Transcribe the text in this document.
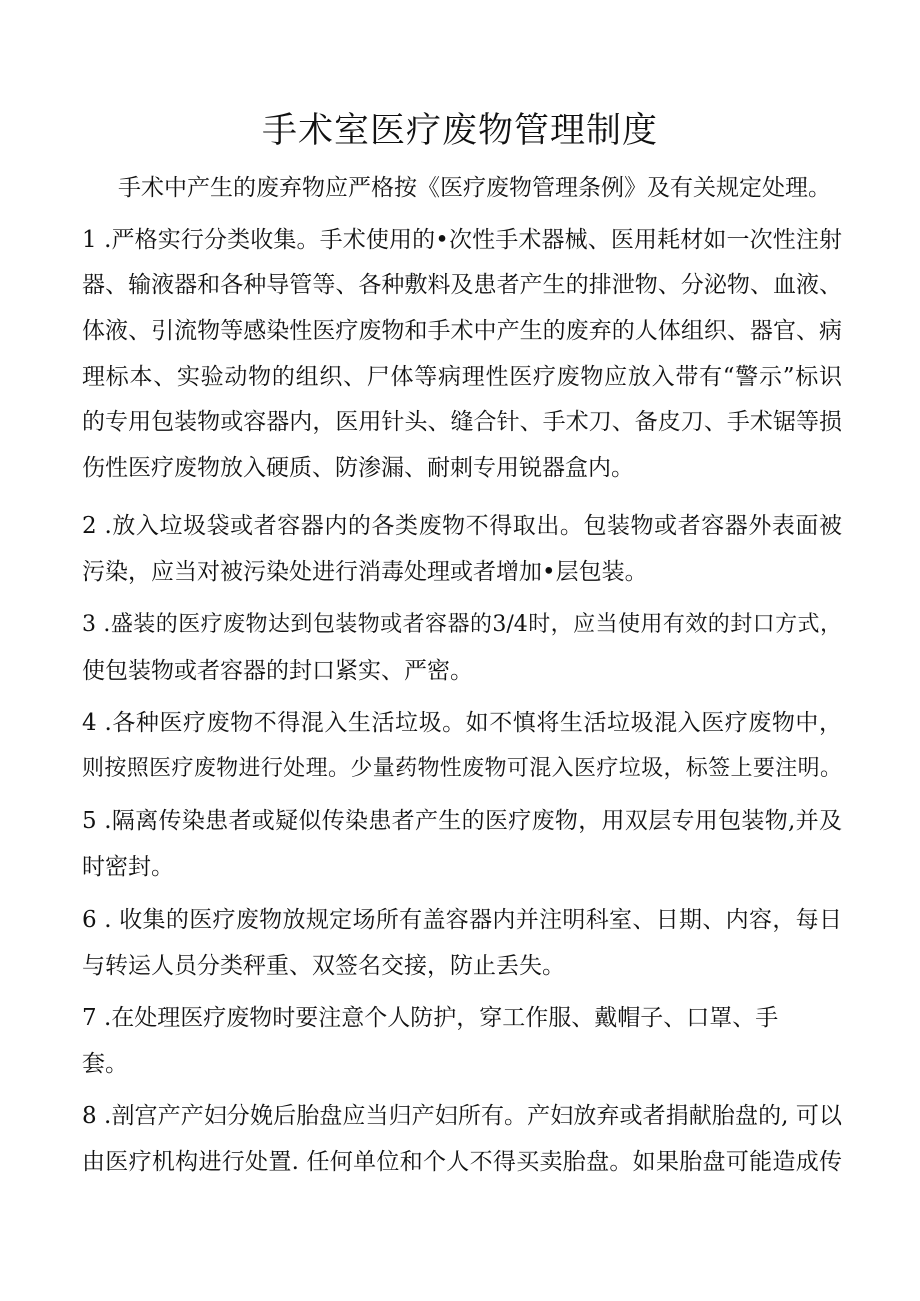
手术室医疗废物管理制度
手术中产生的废弃物应严格按《医疗废物管理条例》及有关规定处理。
1 .严格实行分类收集。手术使用的•次性手术器械、医用耗材如一次性注射
器、输液器和各种导管等、各种敷料及患者产生的排泄物、分泌物、血液、
体液、引流物等感染性医疗废物和手术中产生的废弃的人体组织、器官、病
理标本、实验动物的组织、尸体等病理性医疗废物应放入带有“警示”标识
的专用包装物或容器内，医用针头、缝合针、手术刀、备皮刀、手术锯等损
伤性医疗废物放入硬质、防渗漏、耐刺专用锐器盒内。
2 .放入垃圾袋或者容器内的各类废物不得取出。包装物或者容器外表面被
污染，应当对被污染处进行消毒处理或者增加•层包装。
3 .盛装的医疗废物达到包装物或者容器的3/4时，应当使用有效的封口方式，
使包装物或者容器的封口紧实、严密。
4 .各种医疗废物不得混入生活垃圾。如不慎将生活垃圾混入医疗废物中，
则按照医疗废物进行处理。少量药物性废物可混入医疗垃圾，标签上要注明。
5 .隔离传染患者或疑似传染患者产生的医疗废物，用双层专用包装物,并及
时密封。
6 . 收集的医疗废物放规定场所有盖容器内并注明科室、日期、内容，每日
与转运人员分类秤重、双签名交接，防止丢失。
7 .在处理医疗废物时要注意个人防护，穿工作服、戴帽子、口罩、手
套。
8 .剖宫产产妇分娩后胎盘应当归产妇所有。产妇放弃或者捐献胎盘的, 可以
由医疗机构进行处置. 任何单位和个人不得买卖胎盘。如果胎盘可能造成传
